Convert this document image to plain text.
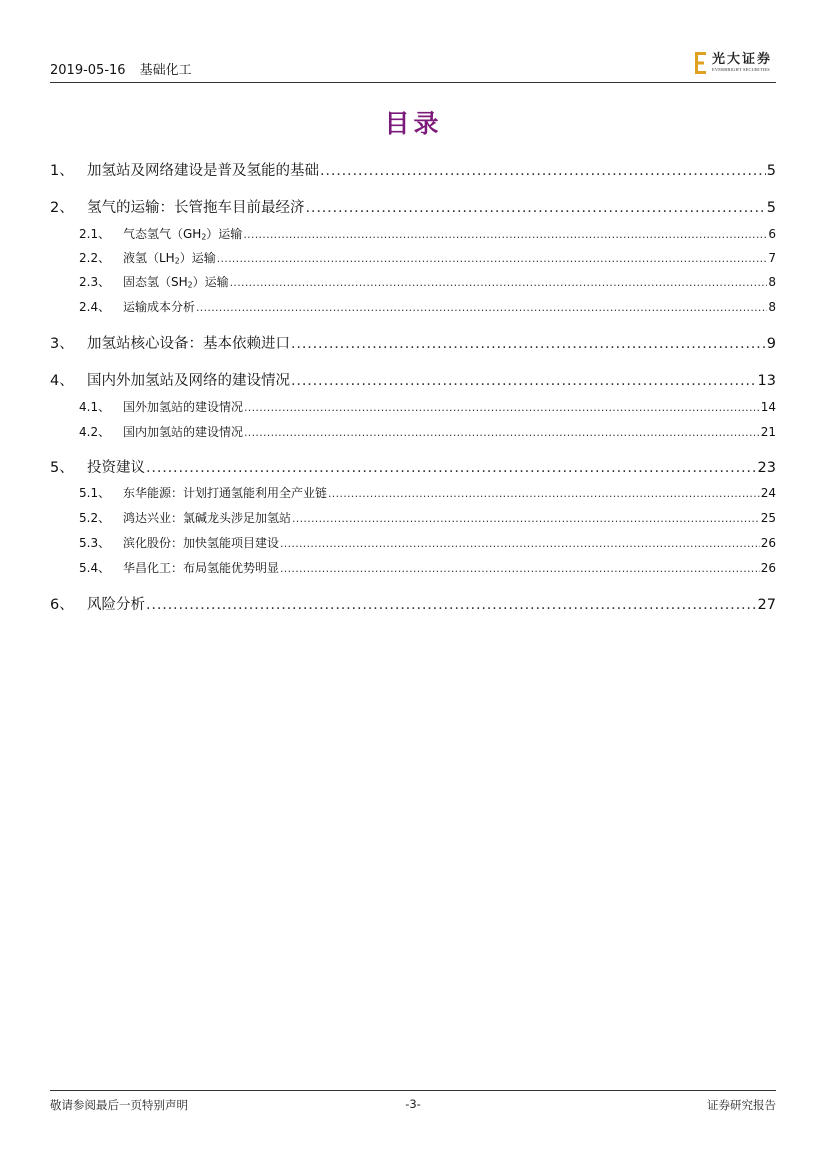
2019-05-16 基础化工
光大证券
EVERBRIGHT SECURITIES
目录
1、 加氢站及网络建设是普及氢能的基础 .....	5
2、 氢气的运输：长管拖车目前最经济 .....	5
2.1、	气态氢气$(GH_2)$运输 .....	6
2.2、	液氢$(LH_2)$运输 .....	7
2.3、	固态氢$(SH_2)$运输 .....	8
2.4、	运输成本分析 .....	8
3、 加氢站核心设备：基本依赖进口 .....	9
4、 国内外加氢站及网络的建设情况 .....	13
4.1、	国外加氢站的建设情况 .....	14
4.2、	国内加氢站的建设情况 .....	21
5、 投资建议 .....	23
5.1、	东华能源：计划打通氢能利用全产业链 .....	24
5.2、	鸿达兴业：氯碱龙头涉足加氢站 .....	25
5.3、	滨化股份：加快氢能项目建设 .....	26
5.4、	华昌化工：布局氢能优势明显 .....	26
6、 风险分析 .....	27
敬请参阅最后一页特别声明	-3-	证券研究报告
